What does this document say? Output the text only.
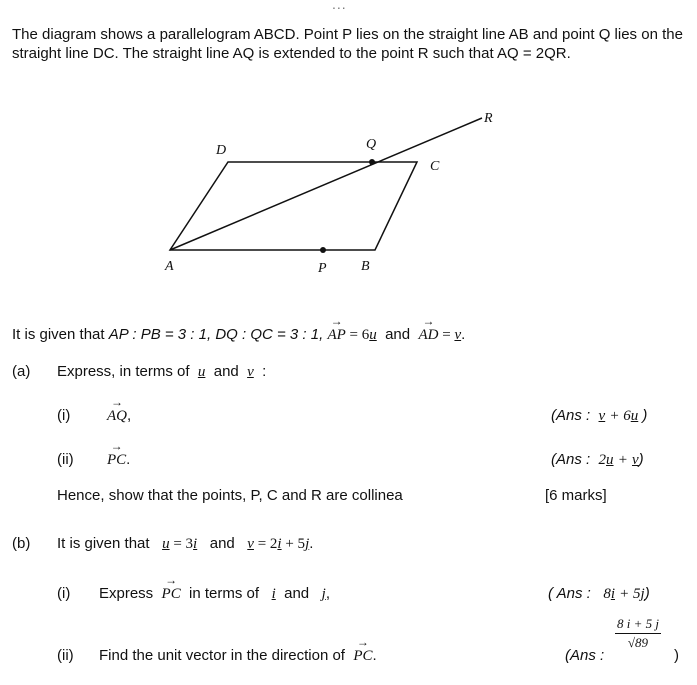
...
The diagram shows a parallelogram ABCD. Point P lies on the straight line AB and point Q lies on the
straight line DC. The straight line AQ is extended to the point R such that AQ = 2QR.
A	B
P
C
D	Q
R
It is given that AP : PB = 3 : 1, DQ : QC = 3 : 1, → AP = 6u and → AD = v.
(a) Express, in terms of u and v :
(i) → AQ,	(Ans : v + 6u )
(ii) → PC.	(Ans : 2u + v)
Hence, show that the points, P, C and R are collinea	[6 marks]
(b) It is given that u = 3i and v = 2i + 5j.
(i) Express → PC in terms of i and j,	( Ans : 8i + 5j)
(ii) Find the unit vector in the direction of → PC.	(Ans :
$\frac{8 i + 5 j}{√89}$
)
